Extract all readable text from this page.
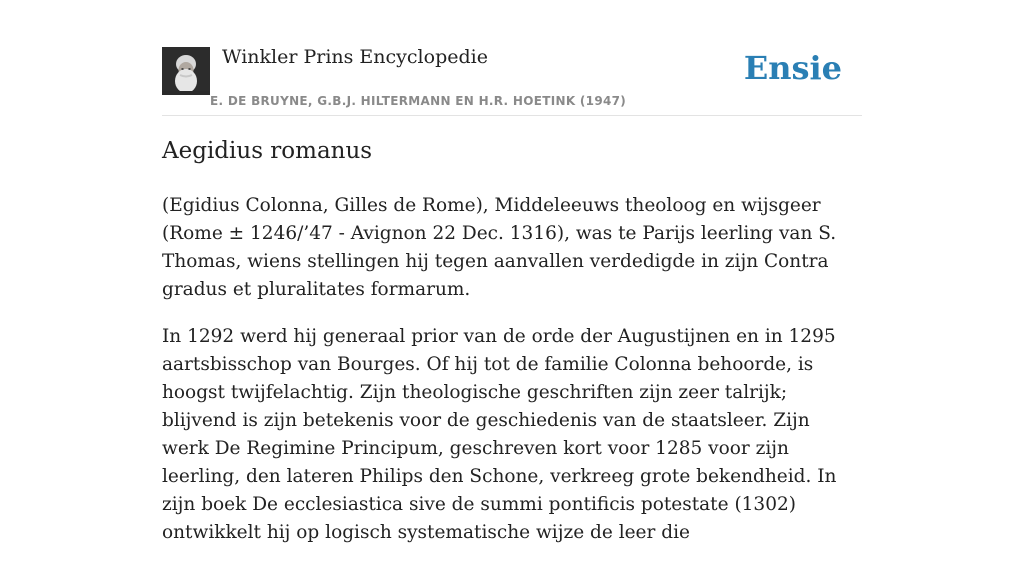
Winkler Prins Encyclopedie
E. DE BRUYNE, G.B.J. HILTERMANN EN H.R. HOETINK (1947)
Ensie
Aegidius romanus

(Egidius Colonna, Gilles de Rome), Middeleeuws theoloog en wijsgeer (Rome ± 1246/’47 - Avignon 22 Dec. 1316), was te Parijs leerling van S. Thomas, wiens stellingen hij tegen aanvallen verdedigde in zijn Contra gradus et pluralitates formarum.

In 1292 werd hij generaal prior van de orde der Augustijnen en in 1295 aartsbisschop van Bourges. Of hij tot de familie Colonna behoorde, is hoogst twijfelachtig. Zijn theologische geschriften zijn zeer talrijk; blijvend is zijn betekenis voor de geschiedenis van de staatsleer. Zijn werk De Regimine Principum, geschreven kort voor 1285 voor zijn leerling, den lateren Philips den Schone, verkreeg grote bekendheid. In zijn boek De ecclesiastica sive de summi pontificis potestate (1302) ontwikkelt hij op logisch systematische wijze de leer die
